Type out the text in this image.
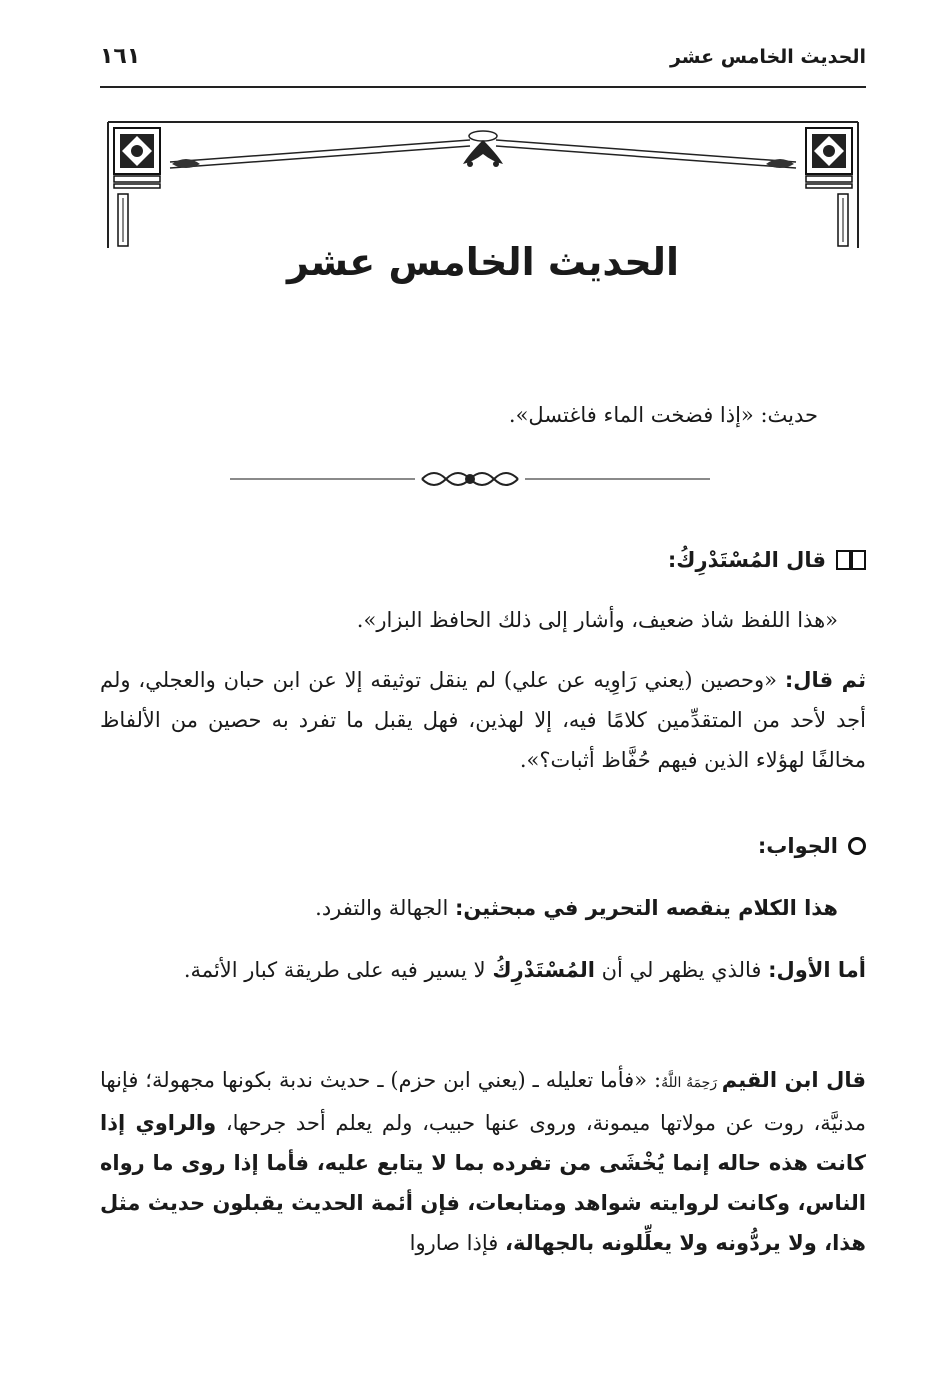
الحديث الخامس عشر
١٦١
الحديث الخامس عشر
حديث: «إذا فضخت الماء فاغتسل».
قال المُسْتَدْرِكُ:
«هذا اللفظ شاذ ضعيف، وأشار إلى ذلك الحافظ البزار».
ثم قال: «وحصين (يعني رَاوِيه عن علي) لم ينقل توثيقه إلا عن ابن حبان والعجلي، ولم أجد لأحد من المتقدِّمين كلامًا فيه، إلا لهذين، فهل يقبل ما تفرد به حصين من الألفاظ مخالفًا لهؤلاء الذين فيهم حُفَّاظ أثبات؟».
الجواب:
هذا الكلام ينقصه التحرير في مبحثين: الجهالة والتفرد.
أما الأول: فالذي يظهر لي أن المُسْتَدْرِكُ لا يسير فيه على طريقة كبار الأئمة.
قال ابن القيم رَحِمَهُ اللَّهُ: «فأما تعليله ـ (يعني ابن حزم) ـ حديث ندبة بكونها مجهولة؛ فإنها مدنيَّة، روت عن مولاتها ميمونة، وروى عنها حبيب، ولم يعلم أحد جرحها، والراوي إذا كانت هذه حاله إنما يُخْشَى من تفرده بما لا يتابع عليه، فأما إذا روى ما رواه الناس، وكانت لروايته شواهد ومتابعات، فإن أئمة الحديث يقبلون حديث مثل هذا، ولا يردُّونه ولا يعلِّلونه بالجهالة، فإذا صاروا
